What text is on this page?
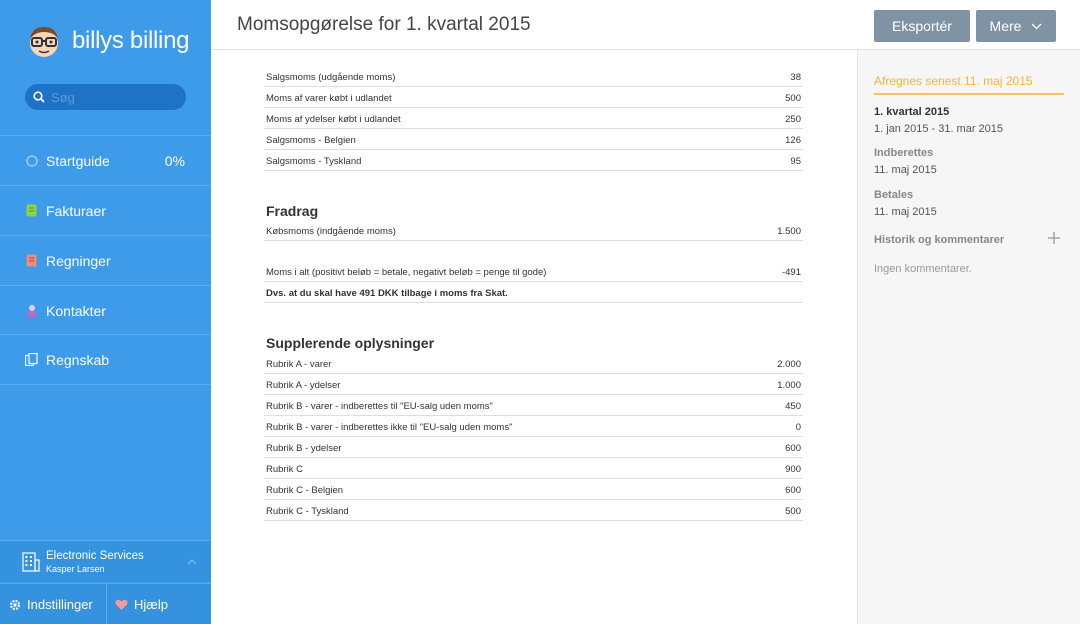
billys billing
Søg
Startguide	0%
Fakturaer
Regninger
Kontakter
Regnskab
Electronic Services
Kasper Larsen
Indstillinger	Hjælp
Momsopgørelse for 1. kvartal 2015	Eksportér	Mere
Salgsmoms (udgående moms)	38
Moms af varer købt i udlandet	500
Moms af ydelser købt i udlandet	250
Salgsmoms - Belgien	126
Salgsmoms - Tyskland	95
Fradrag
Købsmoms (indgående moms)	1.500
Moms i alt (positivt beløb = betale, negativt beløb = penge til gode)	-491
Dvs. at du skal have 491 DKK tilbage i moms fra Skat.
Supplerende oplysninger
Rubrik A - varer	2.000
Rubrik A - ydelser	1.000
Rubrik B - varer - indberettes til "EU-salg uden moms"	450
Rubrik B - varer - indberettes ikke til "EU-salg uden moms"	0
Rubrik B - ydelser	600
Rubrik C	900
Rubrik C - Belgien	600
Rubrik C - Tyskland	500
Afregnes senest 11. maj 2015
1. kvartal 2015
1. jan 2015 - 31. mar 2015
Indberettes
11. maj 2015
Betales
11. maj 2015
Historik og kommentarer
Ingen kommentarer.
